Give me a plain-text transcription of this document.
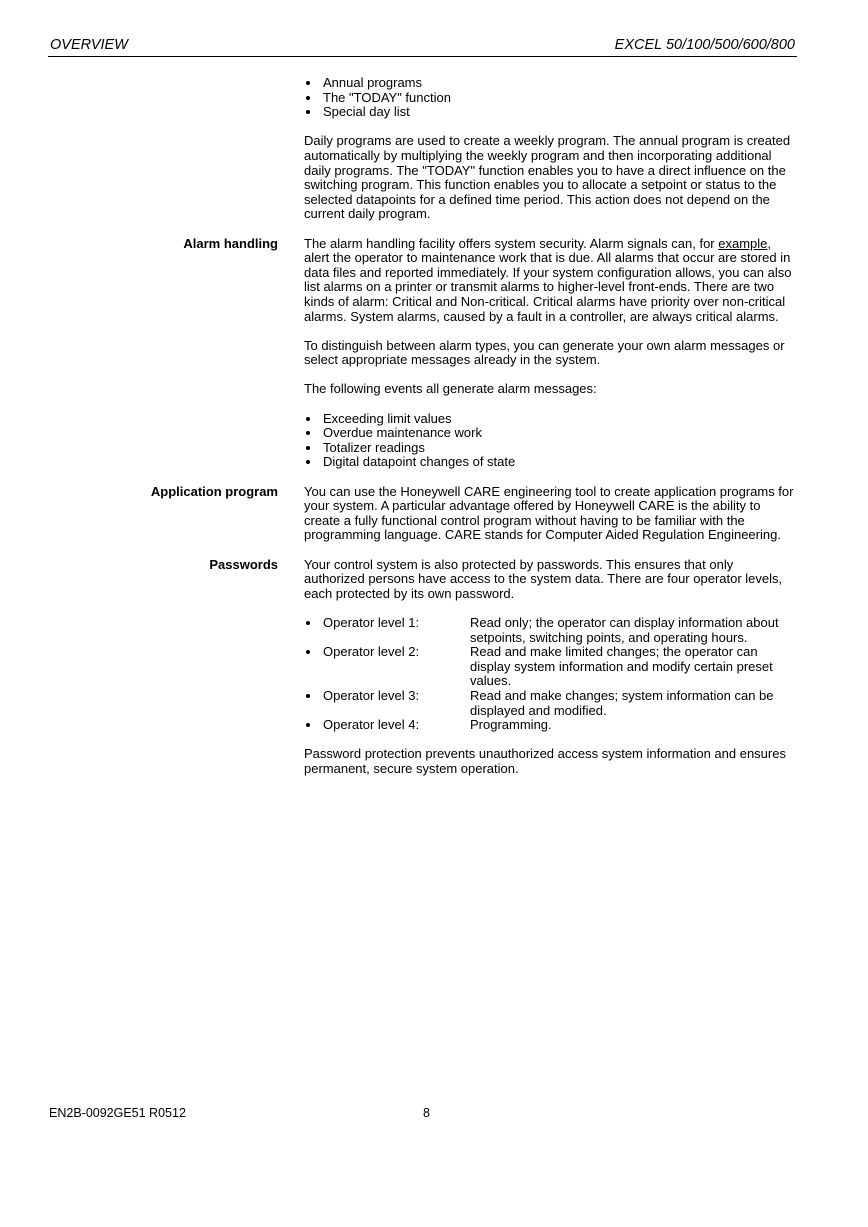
OVERVIEW	EXCEL 50/100/500/600/800
Annual programs
The "TODAY" function
Special day list

Daily programs are used to create a weekly program. The annual program is created automatically by multiplying the weekly program and then incorporating additional daily programs. The "TODAY" function enables you to have a direct influence on the switching program. This function enables you to allocate a setpoint or status to the selected datapoints for a defined time period. This action does not depend on the current daily program.

Alarm handling The alarm handling facility offers system security. Alarm signals can, for example, alert the operator to maintenance work that is due. All alarms that occur are stored in data files and reported immediately. If your system configuration allows, you can also list alarms on a printer or transmit alarms to higher-level front-ends. There are two kinds of alarm: Critical and Non-critical. Critical alarms have priority over non-critical alarms. System alarms, caused by a fault in a controller, are always critical alarms.

To distinguish between alarm types, you can generate your own alarm messages or select appropriate messages already in the system.

The following events all generate alarm messages:

Exceeding limit values
Overdue maintenance work
Totalizer readings
Digital datapoint changes of state
Application program You can use the Honeywell CARE engineering tool to create application programs for your system. A particular advantage offered by Honeywell CARE is the ability to create a fully functional control program without having to be familiar with the programming language. CARE stands for Computer Aided Regulation Engineering.

Passwords Your control system is also protected by passwords. This ensures that only authorized persons have access to the system data. There are four operator levels, each protected by its own password.

Operator level 1:	Read only; the operator can display information about setpoints, switching points, and operating hours.
Operator level 2:	Read and make limited changes; the operator can display system information and modify certain preset values.
Operator level 3:	Read and make changes; system information can be displayed and modified.
Operator level 4:	Programming.

Password protection prevents unauthorized access system information and ensures permanent, secure system operation.

EN2B-0092GE51 R0512	8
